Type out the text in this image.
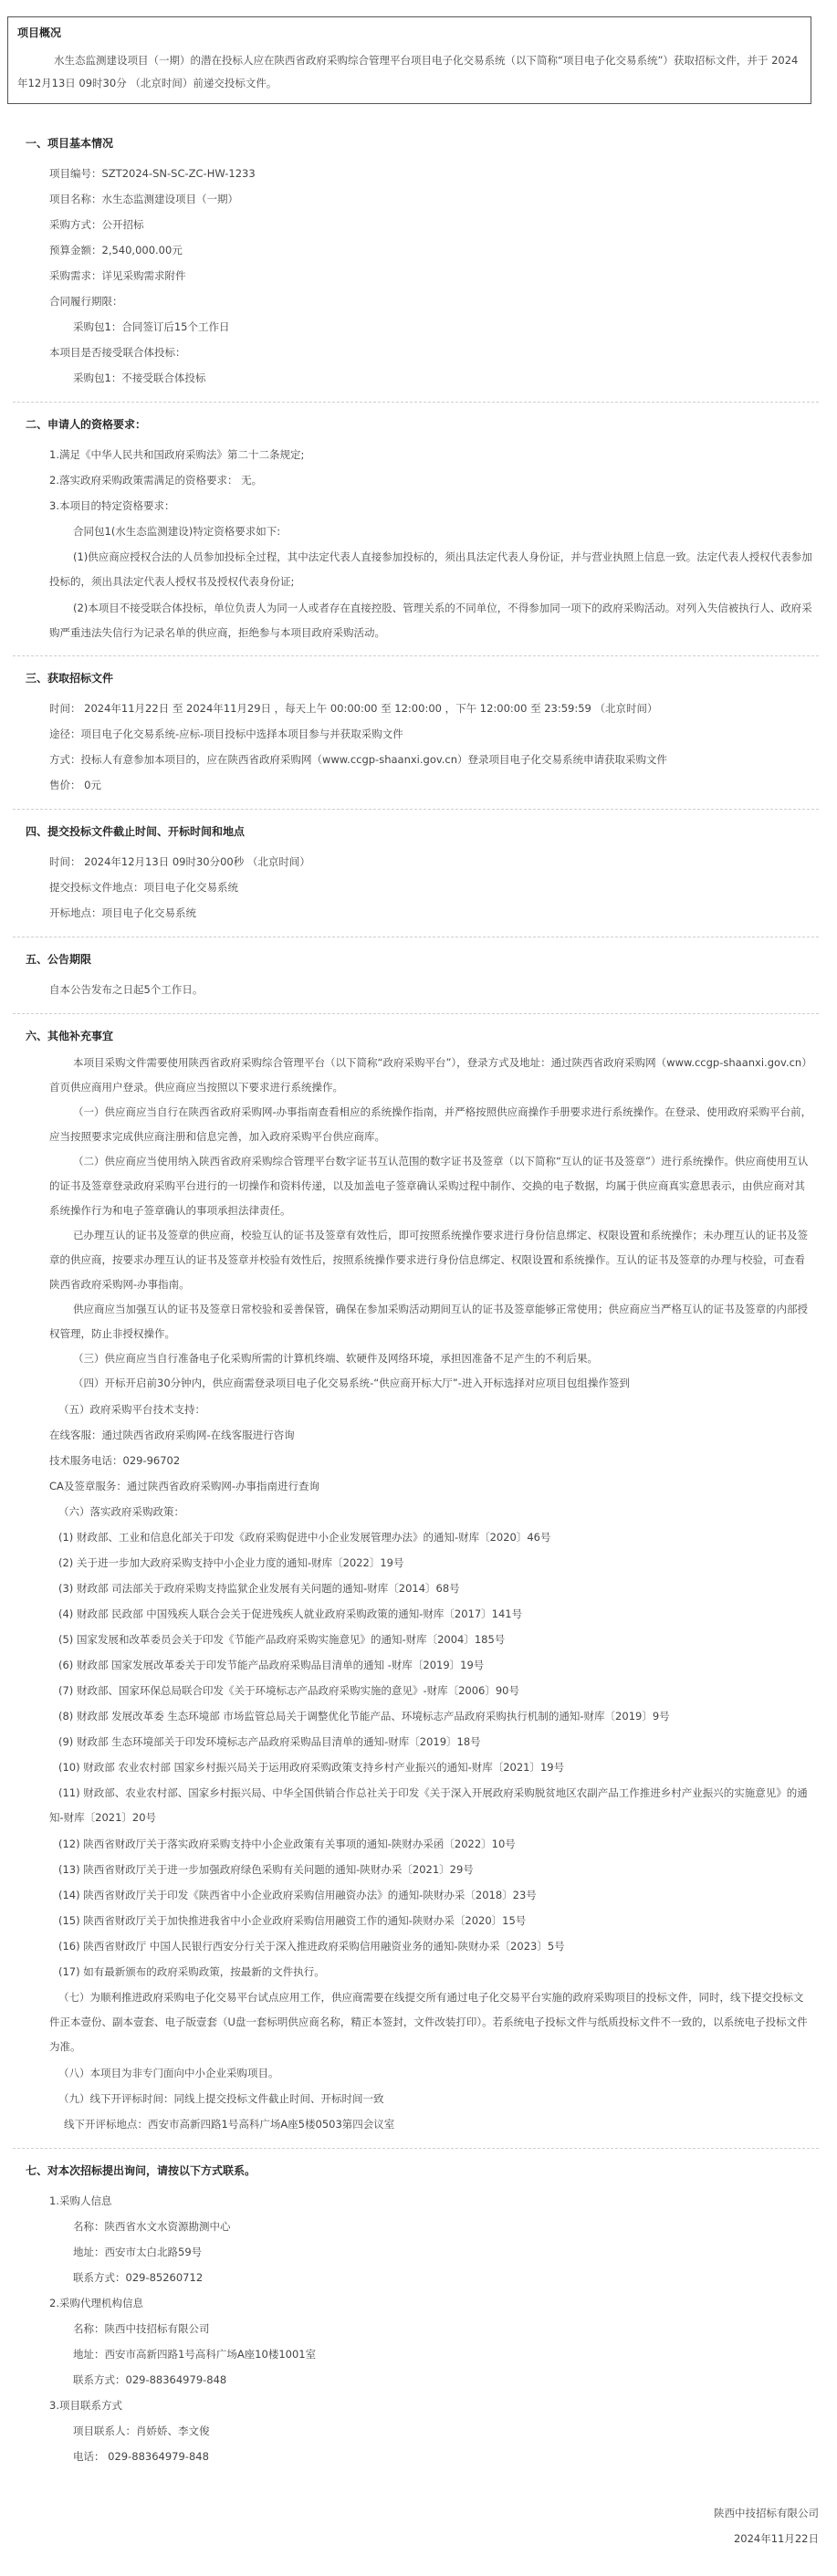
项目概况
水生态监测建设项目（一期）的潜在投标人应在陕西省政府采购综合管理平台项目电子化交易系统（以下简称“项目电子化交易系统”）获取招标文件，并于 2024年12月13日 09时30分 （北京时间）前递交投标文件。
一、项目基本情况
项目编号：SZT2024-SN-SC-ZC-HW-1233
项目名称：水生态监测建设项目（一期）
采购方式：公开招标
预算金额：2,540,000.00元
采购需求：详见采购需求附件
合同履行期限：
采购包1：合同签订后15个工作日
本项目是否接受联合体投标：
采购包1：不接受联合体投标
二、申请人的资格要求：
1.满足《中华人民共和国政府采购法》第二十二条规定;
2.落实政府采购政策需满足的资格要求： 无。
3.本项目的特定资格要求：
合同包1(水生态监测建设)特定资格要求如下:
(1)供应商应授权合法的人员参加投标全过程，其中法定代表人直接参加投标的，须出具法定代表人身份证，并与营业执照上信息一致。法定代表人授权代表参加投标的，须出具法定代表人授权书及授权代表身份证;
(2)本项目不接受联合体投标，单位负责人为同一人或者存在直接控股、管理关系的不同单位，不得参加同一项下的政府采购活动。对列入失信被执行人、政府采购严重违法失信行为记录名单的供应商，拒绝参与本项目政府采购活动。
三、获取招标文件
时间： 2024年11月22日 至 2024年11月29日 ，每天上午 00:00:00 至 12:00:00 ，下午 12:00:00 至 23:59:59 （北京时间）
途径：项目电子化交易系统-应标-项目投标中选择本项目参与并获取采购文件
方式：投标人有意参加本项目的，应在陕西省政府采购网（www.ccgp-shaanxi.gov.cn）登录项目电子化交易系统申请获取采购文件
售价： 0元
四、提交投标文件截止时间、开标时间和地点
时间： 2024年12月13日 09时30分00秒 （北京时间）
提交投标文件地点：项目电子化交易系统
开标地点：项目电子化交易系统
五、公告期限
自本公告发布之日起5个工作日。
六、其他补充事宜
本项目采购文件需要使用陕西省政府采购综合管理平台（以下简称“政府采购平台”），登录方式及地址：通过陕西省政府采购网（www.ccgp-shaanxi.gov.cn）首页供应商用户登录。供应商应当按照以下要求进行系统操作。
（一）供应商应当自行在陕西省政府采购网-办事指南查看相应的系统操作指南，并严格按照供应商操作手册要求进行系统操作。在登录、使用政府采购平台前，应当按照要求完成供应商注册和信息完善，加入政府采购平台供应商库。
（二）供应商应当使用纳入陕西省政府采购综合管理平台数字证书互认范围的数字证书及签章（以下简称“互认的证书及签章”）进行系统操作。供应商使用互认的证书及签章登录政府采购平台进行的一切操作和资料传递，以及加盖电子签章确认采购过程中制作、交换的电子数据，均属于供应商真实意思表示，由供应商对其系统操作行为和电子签章确认的事项承担法律责任。
已办理互认的证书及签章的供应商，校验互认的证书及签章有效性后，即可按照系统操作要求进行身份信息绑定、权限设置和系统操作；未办理互认的证书及签章的供应商，按要求办理互认的证书及签章并校验有效性后，按照系统操作要求进行身份信息绑定、权限设置和系统操作。互认的证书及签章的办理与校验，可查看陕西省政府采购网-办事指南。
供应商应当加强互认的证书及签章日常校验和妥善保管，确保在参加采购活动期间互认的证书及签章能够正常使用；供应商应当严格互认的证书及签章的内部授权管理，防止非授权操作。
（三）供应商应当自行准备电子化采购所需的计算机终端、软硬件及网络环境，承担因准备不足产生的不利后果。
（四）开标开启前30分钟内，供应商需登录项目电子化交易系统-“供应商开标大厅”-进入开标选择对应项目包组操作签到
（五）政府采购平台技术支持：
在线客服：通过陕西省政府采购网-在线客服进行咨询
技术服务电话：029-96702
CA及签章服务：通过陕西省政府采购网-办事指南进行查询
（六）落实政府采购政策：
(1) 财政部、工业和信息化部关于印发《政府采购促进中小企业发展管理办法》的通知-财库〔2020〕46号
(2) 关于进一步加大政府采购支持中小企业力度的通知-财库〔2022〕19号
(3) 财政部 司法部关于政府采购支持监狱企业发展有关问题的通知-财库〔2014〕68号
(4) 财政部 民政部 中国残疾人联合会关于促进残疾人就业政府采购政策的通知-财库〔2017〕141号
(5) 国家发展和改革委员会关于印发《节能产品政府采购实施意见》的通知-财库〔2004〕185号
(6) 财政部 国家发展改革委关于印发节能产品政府采购品目清单的通知 -财库〔2019〕19号
(7) 财政部、国家环保总局联合印发《关于环境标志产品政府采购实施的意见》-财库〔2006〕90号
(8) 财政部 发展改革委 生态环境部 市场监管总局关于调整优化节能产品、环境标志产品政府采购执行机制的通知-财库〔2019〕9号
(9) 财政部 生态环境部关于印发环境标志产品政府采购品目清单的通知-财库〔2019〕18号
(10) 财政部 农业农村部 国家乡村振兴局关于运用政府采购政策支持乡村产业振兴的通知-财库〔2021〕19号
(11) 财政部、农业农村部、国家乡村振兴局、中华全国供销合作总社关于印发《关于深入开展政府采购脱贫地区农副产品工作推进乡村产业振兴的实施意见》的通知-财库〔2021〕20号
(12) 陕西省财政厅关于落实政府采购支持中小企业政策有关事项的通知-陕财办采函〔2022〕10号
(13) 陕西省财政厅关于进一步加强政府绿色采购有关问题的通知-陕财办采〔2021〕29号
(14) 陕西省财政厅关于印发《陕西省中小企业政府采购信用融资办法》的通知-陕财办采〔2018〕23号
(15) 陕西省财政厅关于加快推进我省中小企业政府采购信用融资工作的通知-陕财办采〔2020〕15号
(16) 陕西省财政厅 中国人民银行西安分行关于深入推进政府采购信用融资业务的通知-陕财办采〔2023〕5号
(17) 如有最新颁布的政府采购政策，按最新的文件执行。
（七）为顺利推进政府采购电子化交易平台试点应用工作，供应商需要在线提交所有通过电子化交易平台实施的政府采购项目的投标文件，同时，线下提交投标文件正本壹份、副本壹套、电子版壹套（U盘一套标明供应商名称，精正本签封，文件改装打印）。若系统电子投标文件与纸质投标文件不一致的，以系统电子投标文件为准。
（八）本项目为非专门面向中小企业采购项目。
（九）线下开评标时间：同线上提交投标文件截止时间、开标时间一致
线下开评标地点：西安市高新四路1号高科广场A座5楼0503第四会议室
七、对本次招标提出询问，请按以下方式联系。
1.采购人信息
名称：陕西省水文水资源勘测中心
地址：西安市太白北路59号
联系方式：029-85260712
2.采购代理机构信息
名称：陕西中技招标有限公司
地址：西安市高新四路1号高科广场A座10楼1001室
联系方式：029-88364979-848
3.项目联系方式
项目联系人：肖娇娇、李文俊
电话： 029-88364979-848
陕西中技招标有限公司
2024年11月22日
